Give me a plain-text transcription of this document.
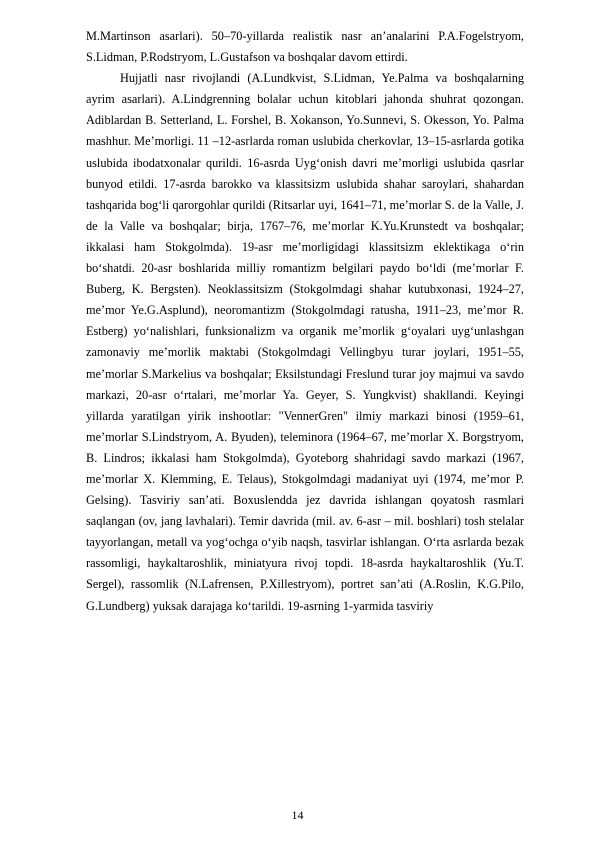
M.Martinson asarlari). 50–70-yillarda realistik nasr an’analarini P.A.Fogelstryom, S.Lidman, P.Rodstryom, L.Gustafson va boshqalar davom ettirdi.

Hujjatli nasr rivojlandi (A.Lundkvist, S.Lidman, Ye.Palma va boshqalarning ayrim asarlari). A.Lindgrenning bolalar uchun kitoblari jahonda shuhrat qozongan. Adiblardan B. Setterland, L. Forshel, B. Xokanson, Yo.Sunnevi, S. Okesson, Yo. Palma mashhur. Me’morligi. 11 –12-asrlarda roman uslubida cherkovlar, 13–15-asrlarda gotika uslubida ibodatxonalar qurildi. 16-asrda Uyg‘onish davri me’morligi uslubida qasrlar bunyod etildi. 17-asrda barokko va klassitsizm uslubida shahar saroylari, shahardan tashqarida bog‘li qarorgohlar qurildi (Ritsarlar uyi, 1641–71, me’morlar S. de la Valle, J. de la Valle va boshqalar; birja, 1767–76, me’morlar K.Yu.Krunstedt va boshqalar; ikkalasi ham Stokgolmda). 19-asr me’morligidagi klassitsizm eklektikaga o‘rin bo‘shatdi. 20-asr boshlarida milliy romantizm belgilari paydo bo‘ldi (me’morlar F. Buberg, K. Bergsten). Neoklassitsizm (Stokgolmdagi shahar kutubxonasi, 1924–27, me’mor Ye.G.Asplund), neoromantizm (Stokgolmdagi ratusha, 1911–23, me’mor R. Estberg) yo‘nalishlari, funksionalizm va organik me’morlik g‘oyalari uyg‘unlashgan zamonaviy me’morlik maktabi (Stokgolmdagi Vellingbyu turar joylari, 1951–55, me’morlar S.Markelius va boshqalar; Eksilstundagi Freslund turar joy majmui va savdo markazi, 20-asr o‘rtalari, me’morlar Ya. Geyer, S. Yungkvist) shakllandi. Keyingi yillarda yaratilgan yirik inshootlar: "VennerGren" ilmiy markazi binosi (1959–61, me’morlar S.Lindstryom, A. Byuden), teleminora (1964–67, me’morlar X. Borgstryom, B. Lindros; ikkalasi ham Stokgolmda), Gyoteborg shahridagi savdo markazi (1967, me’morlar X. Klemming, E. Telaus), Stokgolmdagi madaniyat uyi (1974, me’mor P. Gelsing). Tasviriy san’ati. Boxuslendda jez davrida ishlangan qoyatosh rasmlari saqlangan (ov, jang lavhalari). Temir davrida (mil. av. 6-asr – mil. boshlari) tosh stelalar tayyorlangan, metall va yog‘ochga o‘yib naqsh, tasvirlar ishlangan. O‘rta asrlarda bezak rassomligi, haykaltaroshlik, miniatyura rivoj topdi. 18-asrda haykaltaroshlik (Yu.T. Sergel), rassomlik (N.Lafrensen, P.Xillestryom), portret san’ati (A.Roslin, K.G.Pilo, G.Lundberg) yuksak darajaga ko‘tarildi. 19-asrning 1-yarmida tasviriy

14
